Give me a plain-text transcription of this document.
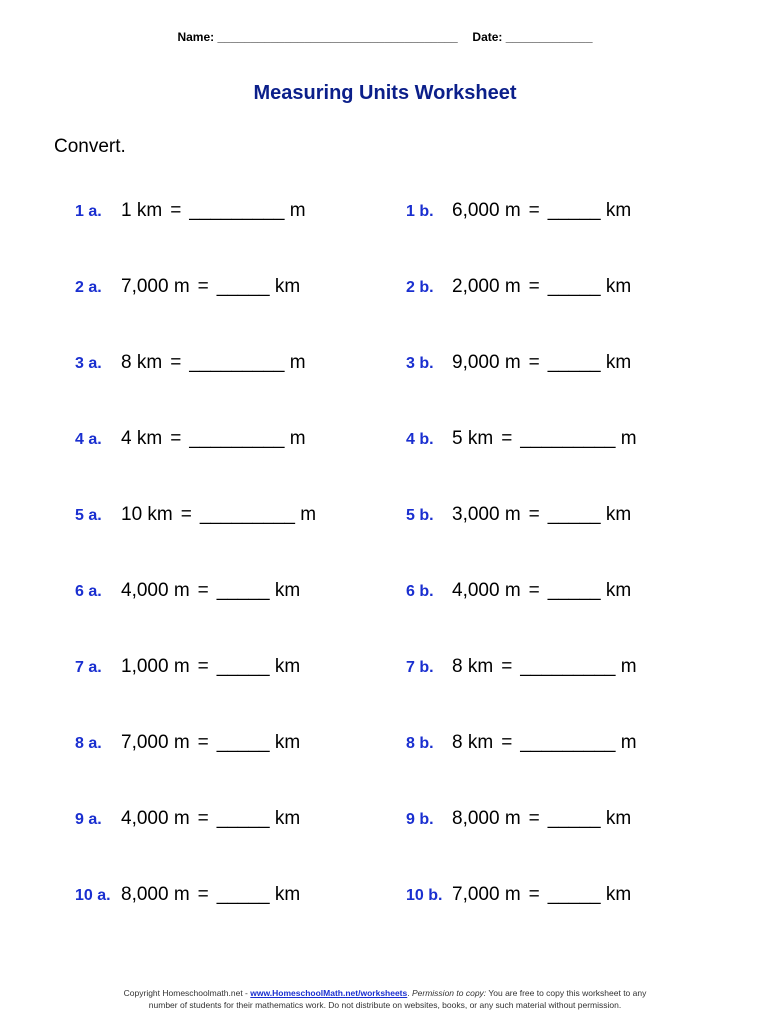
Name: ____________________________________ Date: _____________
Measuring Units Worksheet
Convert.
1 a. 1 km = _________ m	1 b. 6,000 m = _____ km
2 a. 7,000 m = _____ km	2 b. 2,000 m = _____ km
3 a. 8 km = _________ m	3 b. 9,000 m = _____ km
4 a. 4 km = _________ m	4 b. 5 km = _________ m
5 a. 10 km = _________ m	5 b. 3,000 m = _____ km
6 a. 4,000 m = _____ km	6 b. 4,000 m = _____ km
7 a. 1,000 m = _____ km	7 b. 8 km = _________ m
8 a. 7,000 m = _____ km	8 b. 8 km = _________ m
9 a. 4,000 m = _____ km	9 b. 8,000 m = _____ km
10 a. 8,000 m = _____ km	10 b. 7,000 m = _____ km
Copyright Homeschoolmath.net - www.HomeschoolMath.net/worksheets. Permission to copy: You are free to copy this worksheet to any
number of students for their mathematics work. Do not distribute on websites, books, or any such material without permission.
